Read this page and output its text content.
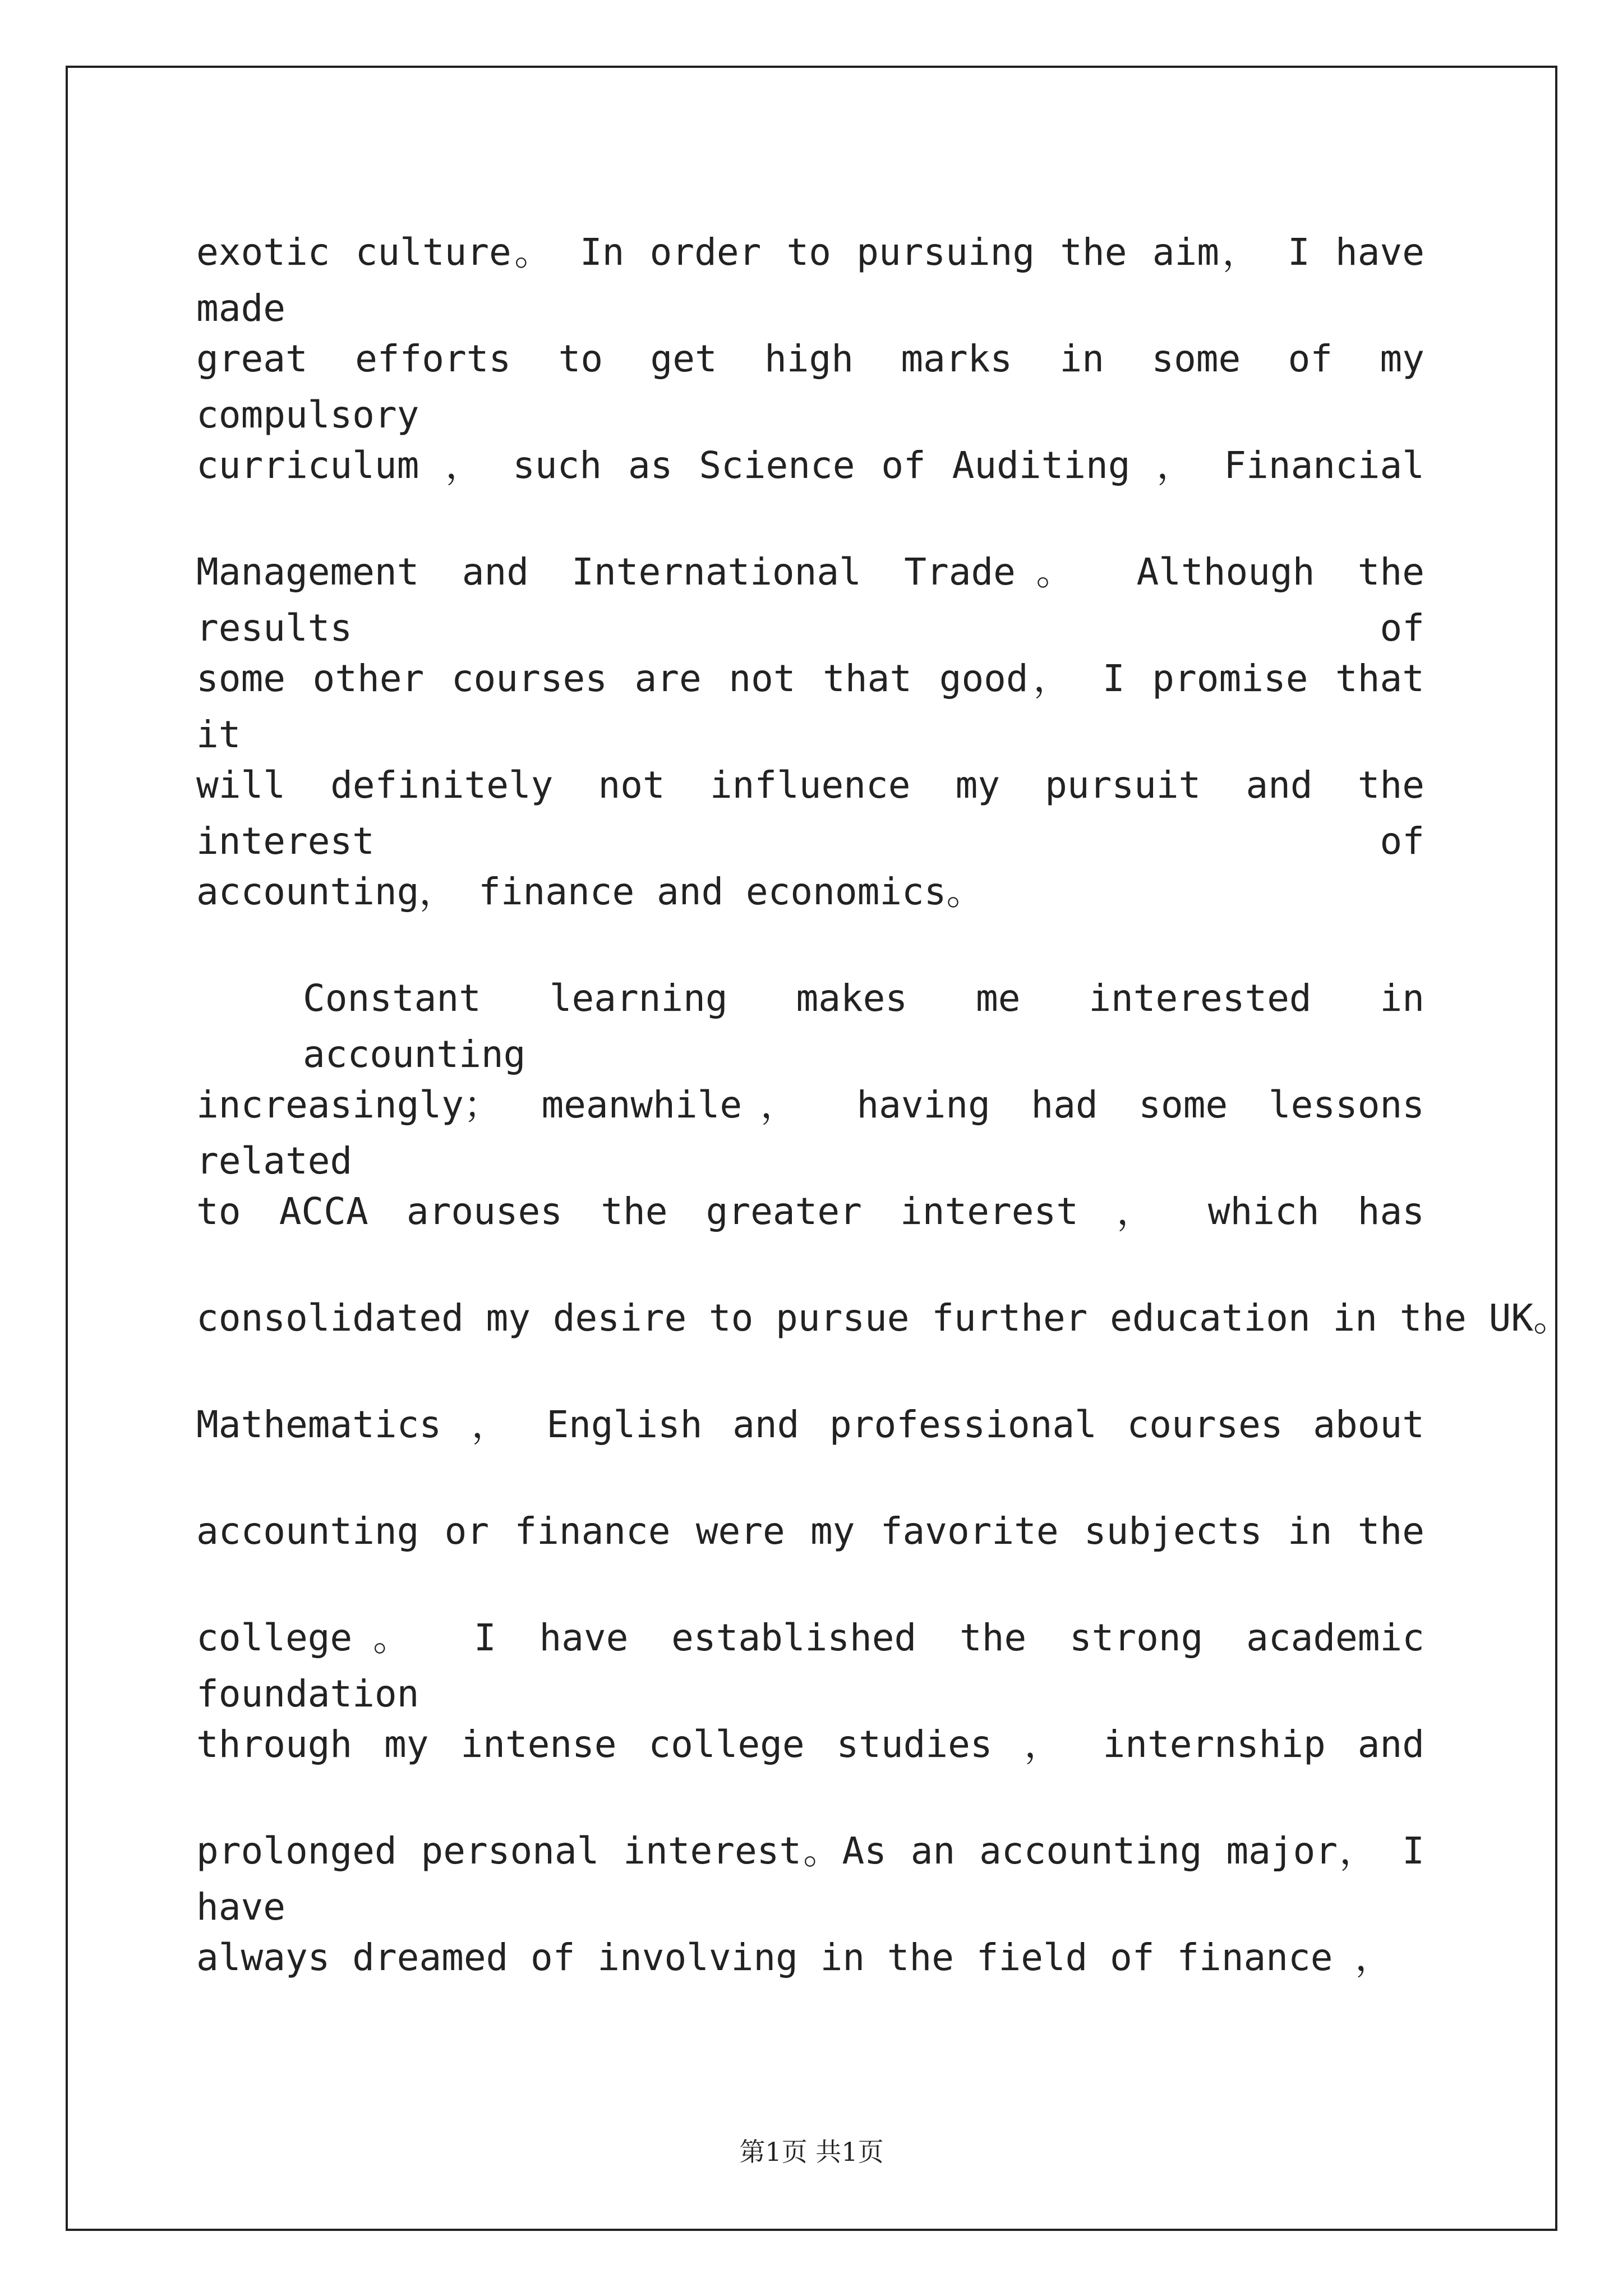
exotic culture。 In order to pursuing the aim， I have made
great efforts to get high marks in some of my compulsory
curriculum ， such as Science of Auditing ， Financial
Management and International Trade。 Although the results of
some other courses are not that good， I promise that it
will definitely not influence my pursuit and the interest of
accounting， finance and economics。
Constant learning makes me interested in accounting
increasingly； meanwhile， having had some lessons related
to ACCA arouses the greater interest ， which has
consolidated my desire to pursue further education in the UK。
Mathematics ， English and professional courses about
accounting or finance were my favorite subjects in the
college。 I have established the strong academic foundation
through my intense college studies ， internship and
prolonged personal interest。As an accounting major， I have
always dreamed of involving in the field of finance ，
第1页 共1页
